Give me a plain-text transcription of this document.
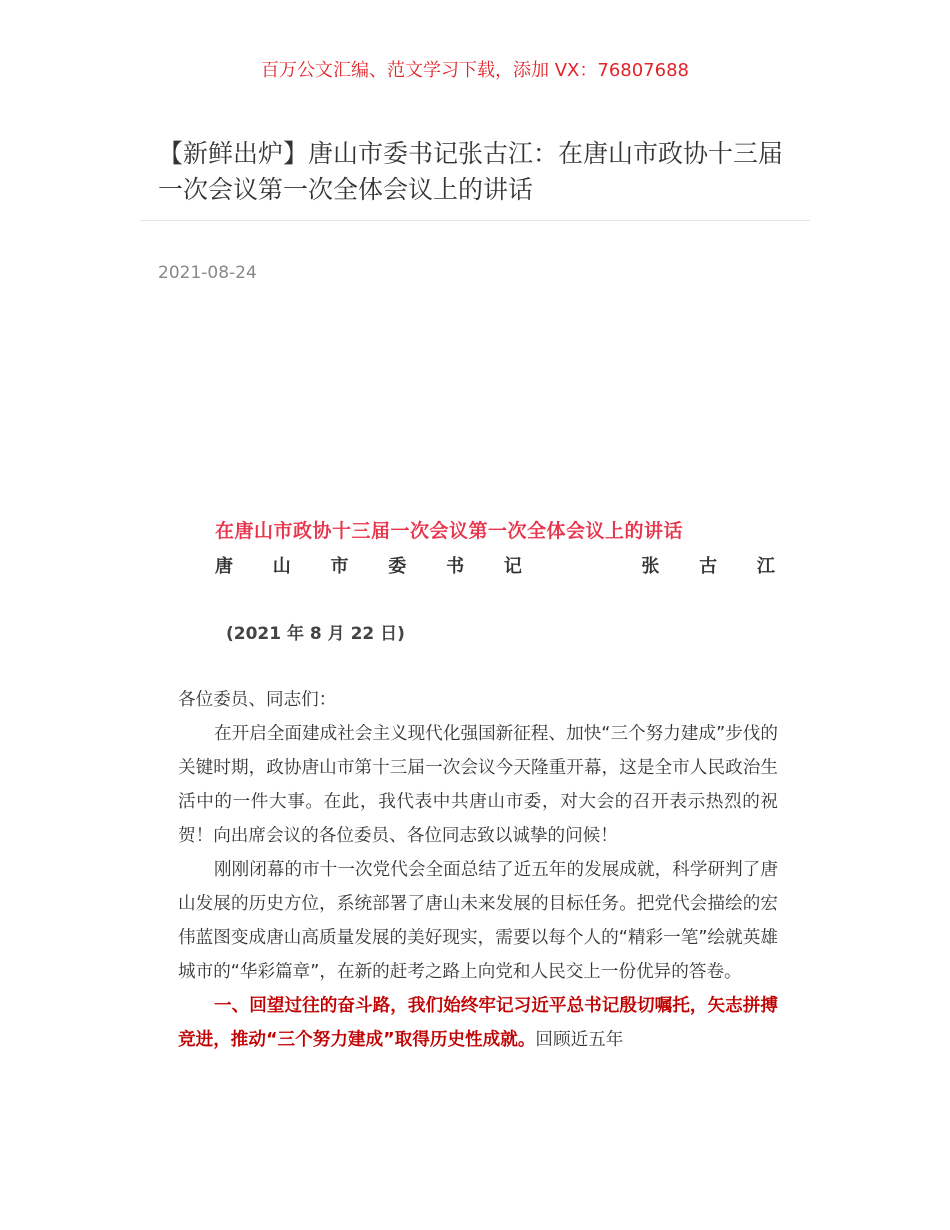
百万公文汇编、范文学习下载，添加 VX：76807688
【新鲜出炉】唐山市委书记张古江：在唐山市政协十三届一次会议第一次全体会议上的讲话
2021-08-24
在唐山市政协十三届一次会议第一次全体会议上的讲话
唐 山 市 委 书 记	张 古 江
(2021 年 8 月 22 日)

各位委员、同志们：

在开启全面建成社会主义现代化强国新征程、加快“三个努力建成”步伐的关键时期，政协唐山市第十三届一次会议今天隆重开幕，这是全市人民政治生活中的一件大事。在此，我代表中共唐山市委，对大会的召开表示热烈的祝贺！向出席会议的各位委员、各位同志致以诚挚的问候！

刚刚闭幕的市十一次党代会全面总结了近五年的发展成就，科学研判了唐山发展的历史方位，系统部署了唐山未来发展的目标任务。把党代会描绘的宏伟蓝图变成唐山高质量发展的美好现实，需要以每个人的“精彩一笔”绘就英雄城市的“华彩篇章”，在新的赶考之路上向党和人民交上一份优异的答卷。

一、回望过往的奋斗路，我们始终牢记习近平总书记殷切嘱托，矢志拼搏竞进，推动“三个努力建成”取得历史性成就。回顾近五年
